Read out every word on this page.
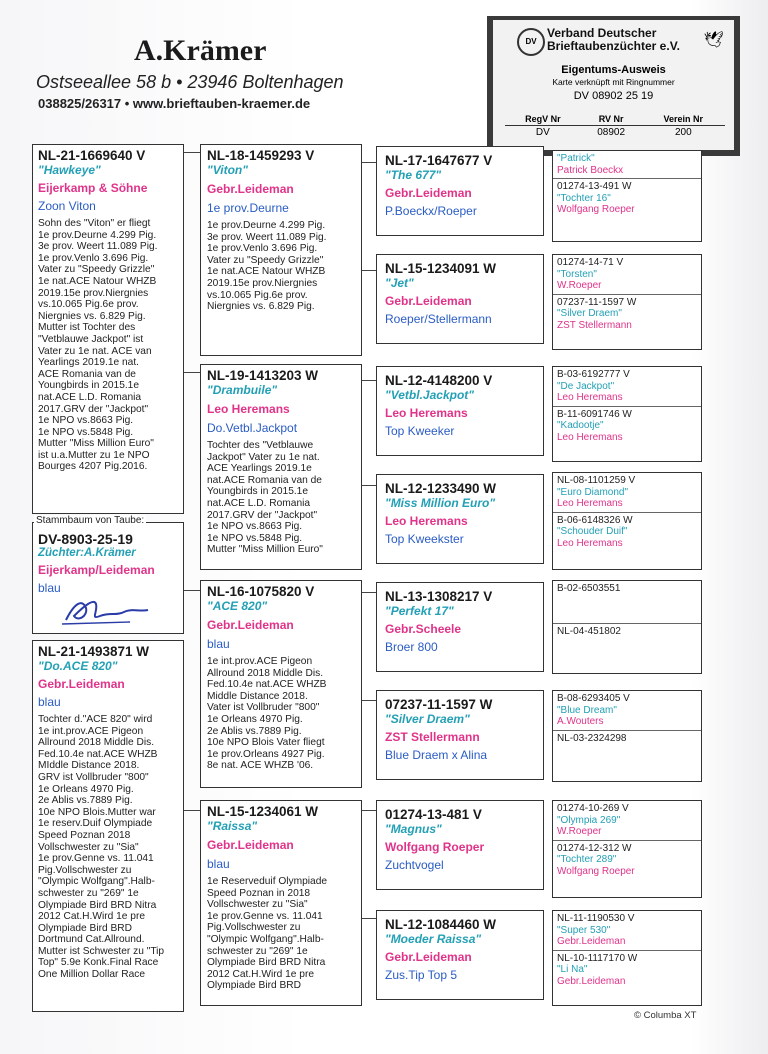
A.Krämer
Ostseeallee 58 b • 23946 Boltenhagen
038825/26317 • www.brieftauben-kraemer.de
DV
Verband Deutscher
Brieftaubenzüchter e.V. 🕊
Eigentums-Ausweis
Karte verknüpft mit Ringnummer
DV 08902 25 19
RegV Nr	RV Nr	Verein Nr
DV	08902	200
NL-21-1669640 V
"Hawkeye"
Eijerkamp & Söhne
Zoon Viton
Sohn des "Viton" er fliegt
1e prov.Deurne 4.299 Pig.
3e prov. Weert 11.089 Pig.
1e prov.Venlo 3.696 Pig.
Vater zu "Speedy Grizzle"
1e nat.ACE Natour WHZB
2019.15e prov.Niergnies
vs.10.065 Pig.6e prov.
Niergnies vs. 6.829 Pig.
Mutter ist Tochter des
"Vetblauwe Jackpot" ist
Vater zu 1e nat. ACE van
Yearlings 2019.1e nat.
ACE Romania van de
Youngbirds in 2015.1e
nat.ACE L.D. Romania
2017.GRV der "Jackpot"
1e NPO vs.8663 Pig.
1e NPO vs.5848 Pig.
Mutter "Miss Million Euro"
ist u.a.Mutter zu 1e NPO
Bourges 4207 Pig.2016.
DV-8903-25-19
Züchter:A.Krämer
Eijerkamp/Leideman
blau
Stammbaum von Taube:
NL-21-1493871 W
"Do.ACE 820"
Gebr.Leideman
blau
Tochter d."ACE 820" wird
1e int.prov.ACE Pigeon
Allround 2018 Middle Dis.
Fed.10.4e nat.ACE WHZB
MIddle Distance 2018.
GRV ist Vollbruder "800"
1e Orleans 4970 Pig.
2e Ablis vs.7889 Pig.
10e NPO Blois.Mutter war
1e reserv.Duif Olympiade
Speed Poznan 2018
Vollschwester zu "Sia"
1e prov.Genne vs. 11.041
Pig.Vollschwester zu
"Olympic Wolfgang".Halb-
schwester zu "269" 1e
Olympiade Bird BRD Nitra
2012 Cat.H.Wird 1e pre
Olympiade Bird BRD
Dortmund Cat.Allround.
Mutter ist Schwester zu "Tip
Top" 5.9e Konk.Final Race
One Million Dollar Race
NL-18-1459293 V
"Viton"
Gebr.Leideman
1e prov.Deurne
1e prov.Deurne 4.299 Pig.
3e prov. Weert 11.089 Pig.
1e prov.Venlo 3.696 Pig.
Vater zu "Speedy Grizzle"
1e nat.ACE Natour WHZB
2019.15e prov.Niergnies
vs.10.065 Pig.6e prov.
Niergnies vs. 6.829 Pig.
NL-19-1413203 W
"Drambuile"
Leo Heremans
Do.Vetbl.Jackpot
Tochter des "Vetblauwe
Jackpot" Vater zu 1e nat.
ACE Yearlings 2019.1e
nat.ACE Romania van de
Youngbirds in 2015.1e
nat.ACE L.D. Romania
2017.GRV der "Jackpot"
1e NPO vs.8663 Pig.
1e NPO vs.5848 Pig.
Mutter "Miss Million Euro"
NL-16-1075820 V
"ACE 820"
Gebr.Leideman
blau
1e int.prov.ACE Pigeon
Allround 2018 Middle Dis.
Fed.10.4e nat.ACE WHZB
Middle Distance 2018.
Vater ist Vollbruder "800"
1e Orleans 4970 Pig.
2e Ablis vs.7889 Pig.
10e NPO Blois Vater fliegt
1e prov.Orleans 4927 Pig.
8e nat. ACE WHZB '06.
NL-15-1234061 W
"Raissa"
Gebr.Leideman
blau
1e Reserveduif Olympiade
Speed Poznan in 2018
Vollschwester zu "Sia"
1e prov.Genne vs. 11.041
Pig.Vollschwester zu
"Olympic Wolfgang".Halb-
schwester zu "269" 1e
Olympiade Bird BRD Nitra
2012 Cat.H.Wird 1e pre
Olympiade Bird BRD
NL-17-1647677 V
"The 677"
Gebr.Leideman
P.Boeckx/Roeper
NL-15-1234091 W
"Jet"
Gebr.Leideman
Roeper/Stellermann
NL-12-4148200 V
"Vetbl.Jackpot"
Leo Heremans
Top Kweeker
NL-12-1233490 W
"Miss Million Euro"
Leo Heremans
Top Kweekster
NL-13-1308217 V
"Perfekt 17"
Gebr.Scheele
Broer 800
07237-11-1597 W
"Silver Draem"
ZST Stellermann
Blue Draem x Alina
01274-13-481 V
"Magnus"
Wolfgang Roeper
Zuchtvogel
NL-12-1084460 W
"Moeder Raissa"
Gebr.Leideman
Zus.Tip Top 5
"Patrick"
Patrick Boeckx
01274-13-491 W
"Tochter 16"
Wolfgang Roeper
01274-14-71 V
"Torsten"
W.Roeper
07237-11-1597 W
"Silver Draem"
ZST Stellermann
B-03-6192777 V
"De Jackpot"
Leo Heremans
B-11-6091746 W
"Kadootje"
Leo Heremans
NL-08-1101259 V
"Euro Diamond"
Leo Heremans
B-06-6148326 W
"Schouder Duif"
Leo Heremans
B-02-6503551
NL-04-451802
B-08-6293405 V
"Blue Dream"
A.Wouters
NL-03-2324298
01274-10-269 V
"Olympia 269"
W.Roeper
01274-12-312 W
"Tochter 289"
Wolfgang Roeper
NL-11-1190530 V
"Super 530"
Gebr.Leideman
NL-10-1117170 W
"Li Na"
Gebr.Leideman
© Columba XT
